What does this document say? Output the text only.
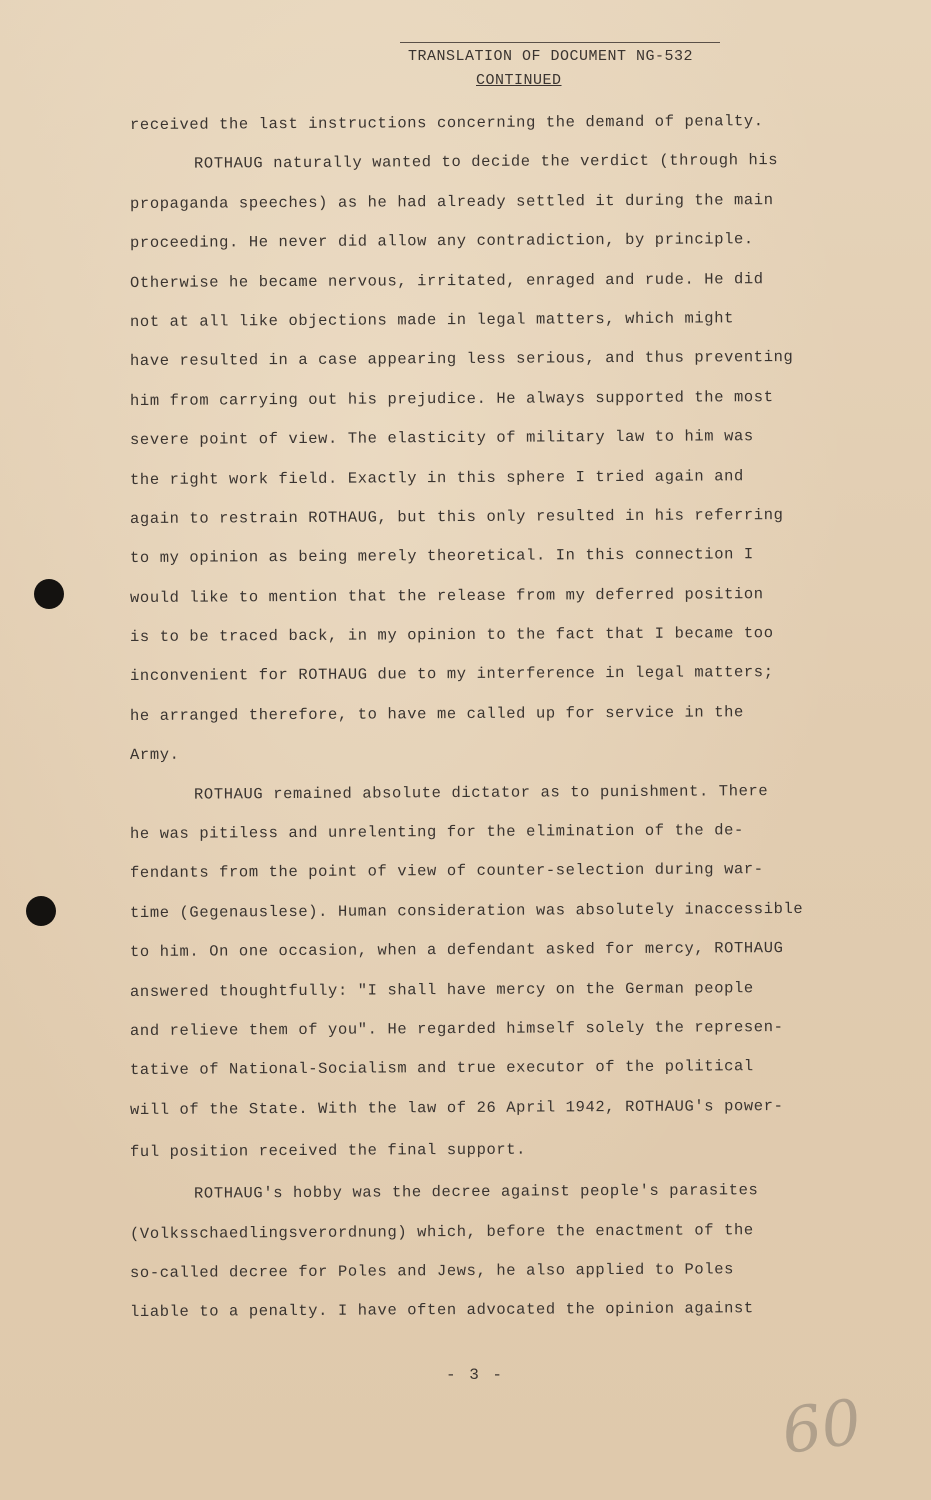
TRANSLATION OF DOCUMENT NG-532
CONTINUED
received the last instructions concerning the demand of penalty.
ROTHAUG naturally wanted to decide the verdict (through his
propaganda speeches) as he had already settled it during the main
proceeding. He never did allow any contradiction, by principle.
Otherwise he became nervous, irritated, enraged and rude. He did
not at all like objections made in legal matters, which might
have resulted in a case appearing less serious, and thus preventing
him from carrying out his prejudice. He always supported the most
severe point of view. The elasticity of military law to him was
the right work field. Exactly in this sphere I tried again and
again to restrain ROTHAUG, but this only resulted in his referring
to my opinion as being merely theoretical. In this connection I
would like to mention that the release from my deferred position
is to be traced back, in my opinion to the fact that I became too
inconvenient for ROTHAUG due to my interference in legal matters;
he arranged therefore, to have me called up for service in the
Army.
ROTHAUG remained absolute dictator as to punishment. There
he was pitiless and unrelenting for the elimination of the de-
fendants from the point of view of counter-selection during war-
time (Gegenauslese). Human consideration was absolutely inaccessible
to him. On one occasion, when a defendant asked for mercy, ROTHAUG
answered thoughtfully: "I shall have mercy on the German people
and relieve them of you". He regarded himself solely the represen-
tative of National-Socialism and true executor of the political
will of the State. With the law of 26 April 1942, ROTHAUG's power-
ful position received the final support.
ROTHAUG's hobby was the decree against people's parasites
(Volksschaedlingsverordnung) which, before the enactment of the
so-called decree for Poles and Jews, he also applied to Poles
liable to a penalty. I have often advocated the opinion against
- 3 -
60
